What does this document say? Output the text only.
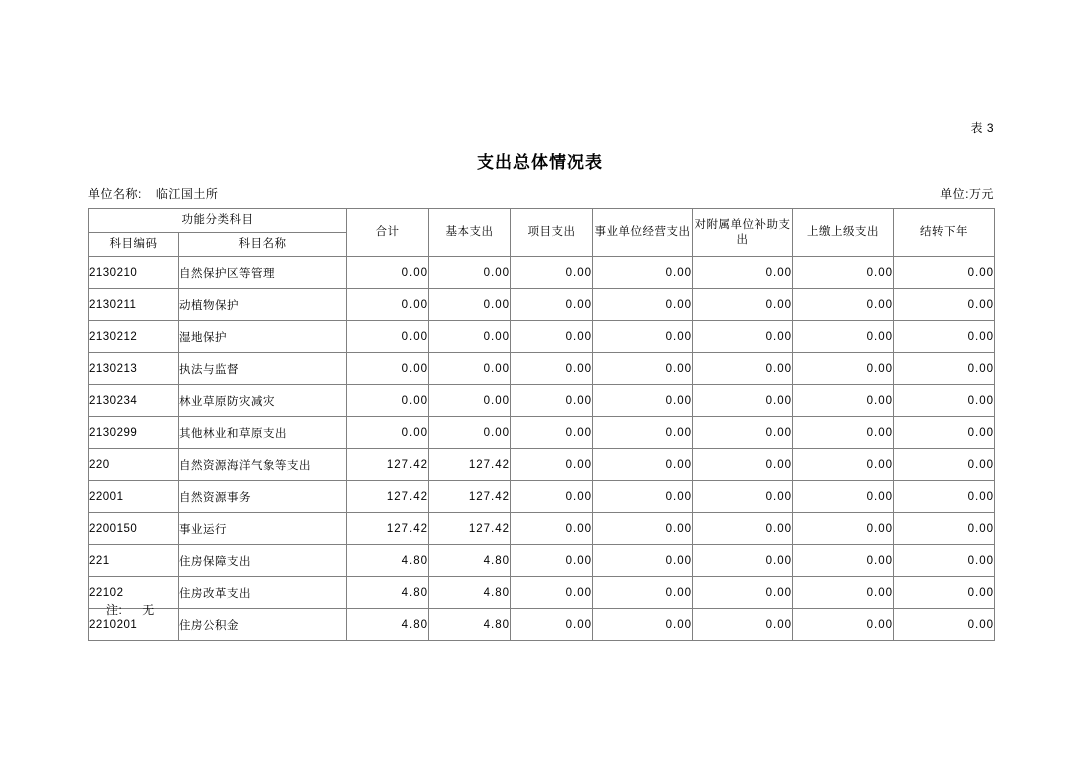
表 3
支出总体情况表
单位名称: 临江国土所	单位:万元
功能分类科目		合计	基本支出	项目支出	事业单位经营支出	对附属单位补助支出	上缴上级支出	结转下年
科目编码	科目名称							
2130210	自然保护区等管理	0.00	0.00	0.00	0.00	0.00	0.00	0.00
2130211	动植物保护	0.00	0.00	0.00	0.00	0.00	0.00	0.00
2130212	湿地保护	0.00	0.00	0.00	0.00	0.00	0.00	0.00
2130213	执法与监督	0.00	0.00	0.00	0.00	0.00	0.00	0.00
2130234	林业草原防灾减灾	0.00	0.00	0.00	0.00	0.00	0.00	0.00
2130299	其他林业和草原支出	0.00	0.00	0.00	0.00	0.00	0.00	0.00
220	自然资源海洋气象等支出	127.42	127.42	0.00	0.00	0.00	0.00	0.00
22001	自然资源事务	127.42	127.42	0.00	0.00	0.00	0.00	0.00
2200150	事业运行	127.42	127.42	0.00	0.00	0.00	0.00	0.00
221	住房保障支出	4.80	4.80	0.00	0.00	0.00	0.00	0.00
22102	住房改革支出	4.80	4.80	0.00	0.00	0.00	0.00	0.00
2210201	住房公积金	4.80	4.80	0.00	0.00	0.00	0.00	0.00
注: 无
